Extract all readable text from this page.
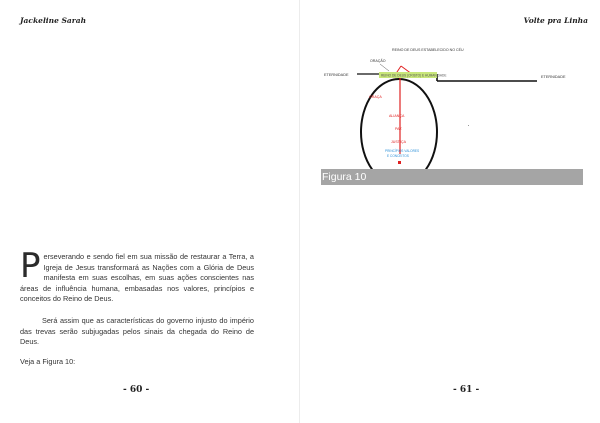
Jackeline Sarah
Perseverando e sendo fiel em sua missão de restaurar a Terra, a Igreja de Jesus transformará as Nações com a Glória de Deus manifesta em suas escolhas, em suas ações conscientes nas áreas de influência humana, embasadas nos valores, princípios e conceitos do Reino de Deus.
Será assim que as características do governo injusto do império das trevas serão subjugadas pelos sinais da chegada do Reino de Deus.
Veja a Figura 10:
- 60 -
Volte pra Linha
REINO DE DEUS ESTABELECIDO NO CÉU
ORAÇÃO
ETERNIDADE	ETERNIDADE
REINO DE DEUS (CRISTO) E HUMANIDADE
GRAÇA
ALIANÇA
PAZ
JUSTIÇA
PRINCÍPIOS VALORES
E CONCEITOS
Figura 10
- 61 -
